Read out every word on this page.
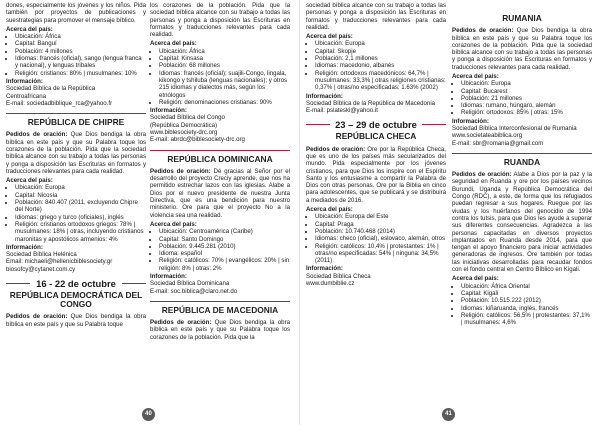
dones, especialmente los jóvenes y los niños. Pida también por proyectos de publicaciones y suestrategias para promover el mensaje bíblico.

Acerca del país:
• Ubicación: África
• Capital: Banguí
• Población: 4 millones
• Idiomas: francés (oficial), sango (lengua franca y nacional), y lenguas tribales
• Religión: cristianos: 80% | musulmanes: 10%
Información:
Sociedad Bíblica de la República
Centroafricana
E-mail: sociedadbiblique_rca@yahoo.fr
REPÚBLICA DE CHIPRE

Pedidos de oración: Que Dios bendiga la obra bíblica en este país y que su Palabra toque los corazones de la población. Pida que la sociedad bíblica alcance con su trabajo a todas las personas y ponga a disposición las Escrituras en formatos y traducciones relevantes para cada realidad.

Acerca del país:
• Ubicación: Europa
• Capital: Nicosia
• Población: 840.407 (2011, excluyendo Chipre del Norte)
• Idiomas: griego y turco (oficiales), inglés
• Religión: cristianos ortodoxos griegos: 78% | musulmanes: 18% | otras, incluyendo cristianos maronitas y apostólicos armenios: 4%
Información:
Sociedad Bíblica Helénica
Email: michaeli@hellenicbiblesociety.gr
biosofcy@cytanet.com.cy
16 - 22 de octubre
REPÚBLICA DEMOCRÁTICA DEL CONGO

Pedidos de oración: Que Dios bendiga la obra bíblica en este país y que su Palabra toque

los corazones de la población. Pida que la sociedad bíblica alcance con su trabajo a todas las personas y ponga a disposición las Escrituras en formatos y traducciones relevantes para cada realidad.

Acerca del país:
• Ubicación: África
• Capital: Kinsasa
• Población: 68 millones
• Idiomas: francés (oficial); suajili-Congo, lingala, kikongo y tshiluba (lenguas nacionales); y otros 215 idiomas y dialectos más, según los etnólogos
• Religión: denominaciones cristianas: 90%
Información:
Sociedad Bíblica del Congo
(República Democrática)
www.biblesociety-drc.org
E-mail: abrdc@biblesociety-drc.org
REPÚBLICA DOMINICANA

Pedidos de oración: Dé gracias al Señor por el desarrollo del proyecto Creciy aprende, que nos ha permitido estrechar lazos con las iglesias. Alabe a Dios por el nuevo presidente de nuestra Junta Directiva, que es una bendición para nuestro ministerio. Ore para que el proyecto No a la violencia sea una realidad.

Acerca del país:
• Ubicación: Centroamérica (Caribe)
• Capital: Santo Domingo
• Población: 9.445.281 (2010)
• Idioma: español
• Religión: católicos: 70% | evangélicos: 20% | sin religión: 8% | otras: 2%
Información:
Sociedad Bíblica Dominicana
E-mail: soc.biblica@claro.net.do
REPÚBLICA DE MACEDONIA

Pedidos de oración: Que Dios bendiga la obra bíblica en este país y que su Palabra toque los corazones de la población. Pida que la

40

sociedad bíblica alcance con su trabajo a todas las personas y ponga a disposición las Escrituras en formatos y traducciones relevantes para cada realidad.

Acerca del país:
• Ubicación: Europa
• Capital: Skopje
• Población: 2,1 millones
• Idiomas: macedonio, albanés
• Religión: ortodoxos macedónicos: 64,7% | musulmanes: 33,3% | otras religiones cristianas: 0,37% | otras/no especificadas: 1.63% (2002)
Información:
Sociedad Bíblica de la República de Macedonia
E-mail: pslateski@yahoo.it
23 – 29 de octubre
REPÚBLICA CHECA

Pedidos de oración: Ore por la República Checa, que es uno de los países más secularizados del mundo. Pida especialmente por los jóvenes cristianos, para que Dios los inspire con el Espíritu Santo y los entusiasme a compartir la Palabra de Dios con otras personas. Ore por la Biblia en cinco para adolescentes, que se publicará y se distribuirá a mediados de 2016.

Acerca del país:
• Ubicación: Europa del Este
• Capital: Praga
• Población: 10.740.468 (2014)
• Idiomas: checo (oficial), eslovaco, alemán, otros
• Religión: católicos: 10,4% | protestantes: 1% | otras/no especificadas: 54% | ninguna: 34,5% (2011)
Información:
Sociedad Bíblica Checa
www.dumbiblie.cz
RUMANIA

Pedidos de oración: Que Dios bendiga la obra bíblica en este país y que su Palabra toque los corazones de la población. Pida que la sociedad bíblica alcance con su trabajo a todas las personas y ponga a disposición las Escrituras en formatos y traducciones relevantes para cada realidad.

Acerca del país:
• Ubicación: Europa
• Capital: Bucarest
• Población: 21 millones
• Idiomas: rumano, húngaro, alemán
• Religión: ortodoxos: 85% | otras: 15%
Información:
Sociedad Bíblica Interconfesional de Rumania
www.societateabiblica.org
E-mail: sbr@romania@gmail.com
RUANDA

Pedidos de oración: Alabe a Dios por la paz y la seguridad en Ruanda y ore por los países vecinos Burundi, Uganda y República Democrática del Congo (RDC), a este, de forma que los refugiados puedan regresar a sus hogares. Ruegue por las viudas y los huérfanos del genocidio de 1994 contra los tutsis, para que Dios les ayude a superar sus diferentes consecuencias. Agradezca a las personas capacitadas en diversos proyectos implantados en Ruanda desde 2014, para que tengan el apoyo financiero para iniciar actividades generadoras de ingresos. Ore también por todas las iniciativas desarrolladas para recaudar fondos con el fondo central en Centro Bíblico en Kigali.

Acerca del país:
• Ubicación: África Oriental
• Capital: Kigali
• Población: 10.515.222 (2012)
• Idiomas: kiñaruanda, inglés, francés
• Religión: católicos: 56,5% | protestantes: 37,1% | musulmanes: 4,6%
41
